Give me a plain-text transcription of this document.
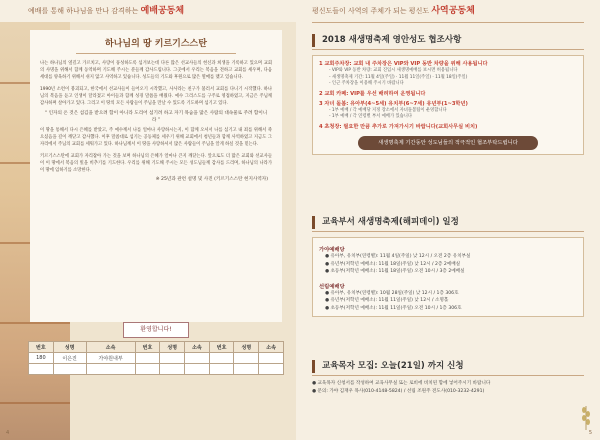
예배를 통해 하나님을 만나 감격하는 예배공동체	평신도들이 사역의 주체가 되는 평신도 사역공동체
하나님의 땅 키르기스스탄

나는 하나님의 옆길고 가르치고, 사랑이 풍성하도록 섬겨보는데 다른 많은 선교사들의 헌신과 희생을 기록하고 있으며 교회의 사명을 위해서 함께 동역하며 기도해 주시는 분들께 감사드립니다. 그곳에서 우리는 복음을 전하고 교회를 세우며, 다음 세대를 양육하기 위해서 쉬지 않고 사역하고 있습니다. 성도들의 기도와 후원으로 많은 열매를 맺고 있습니다.

1990년 소련이 붕괴되고, 한국에서 선교사들이 들어오기 시작했고, 사사라는 친구가 불러서 교회를 다니기 시작했다. 하나님의 복음을 듣고 인생이 달라졌고 아이들과 함께 성경 말씀을 배웠다. 예수 그리스도를 구주로 영접하였고, 지금은 주님께 감사하며 살아가고 있다. 그리고 이 땅의 모든 사람들이 주님을 만날 수 있도록 기도하며 섬기고 있다.

“ 인자의 온 것은 섬김을 받으려 함이 아니라 도리어 섬기려 하고 자기 목숨을 많은 사람의 대속물로 주려 함이니라 ”

이 땅을 통해서 다시 은혜를 받았고, 주 예수께서 나를 얼마나 사랑하시는지, 이 함께 오셔서 나를 섬기고 내 죄를 위해서 죽으셨음을 깊이 깨닫고 감사했다. 이후 말씀대로 섬기는 공동체를 세우기 위해 교회에서 청년들과 함께 사역하였고 지금도 그 자리에서 주님의 교회를 세워가고 있다. 하나님께서 이 땅을 사랑하셔서 많은 사람들이 주님을 알게 하실 것을 믿는다.

키르기스스탄에 교회가 자리잡아 가는 것을 보며 하나님의 은혜가 얼마나 큰지 깨닫는다. 앞으로도 더 많은 교회와 선교사들이 이 땅에서 복음의 빛을 비추기를 기도한다. 우리를 위해 기도해 주시는 모든 성도님들께 감사를 드리며, 하나님의 나라가 이 땅에 임하기를 소망한다.

※ 25년과 관련 설명 및 사진 (키르기스스탄 현지사역자)

환영합니다!
번호	성명	소속	번호	성명	소속	번호	성명	소속
180	이은진	가야원내부						

4
2018 새생명축제 영안성도 협조사항
1 교회주차장: 교회 내 주차장은 VIP와 VIP 동반 차량을 위해 사용됩니다
- VIP와 VIP 동반 차량: 교회 진입시 새생명예배를 보시면 허용됩니다
- 새생명축제 기간: 11월 4일(주일) · 11월 11일(주일) · 11월 18일(주일)
- 인근 주차장을 이용해 주시기 바랍니다
2 교회 카페: VIP를 우선 배려하여 운영됩니다
3 자녀 돌봄: 유아부(4~5세) 유치부(6~7세) 유년부(1~3학년)
- 1부 예배 / 각 예배당 지정 장소에서 자녀돌봄팀이 운영합니다
- 1부 예배 / 각 연령별 부서 예배가 있습니다
4 초청장: 필요한 만큼 추가로 가져가시기 바랍니다(교회사무실 비치)
새생명축제 기간동안 성도님들의 적극적인 협조부탁드립니다
교육부서 새생명축제(해피데이) 일정
가야예배당
● 유아부, 유치부(연령별): 11월 4일(주일) 낮 12시 / 오전 2층 유치부실
● 유년부(저학년 예배소): 11월 18일(주일) 낮 12시 / 2층 2예배실
● 초등부(저학년 예배소): 11월 18일(주일) 오전 10시 / 3층 2예배실
선림예배당
● 유아부, 유치부(연령별): 10월 28일(주일) 낮 12시 / 1층 306호
● 유년부(저학년 예배소): 11월 11일(주일) 낮 12시 / 소명홀
● 초등부(저학년 예배소): 11월 11일(주일) 오전 10시 / 1층 306호
교육목자 모집: 오늘(21일) 까지 신청
● 교육목자 신청서를 작성하여 교육사무실 또는 로비에 비치된 함에 넣어주시기 바랍니다
● 문의: 가야 김재우 목사(010-4148-5824) / 선림 조원주 전도사(010-3232-4291)
5
